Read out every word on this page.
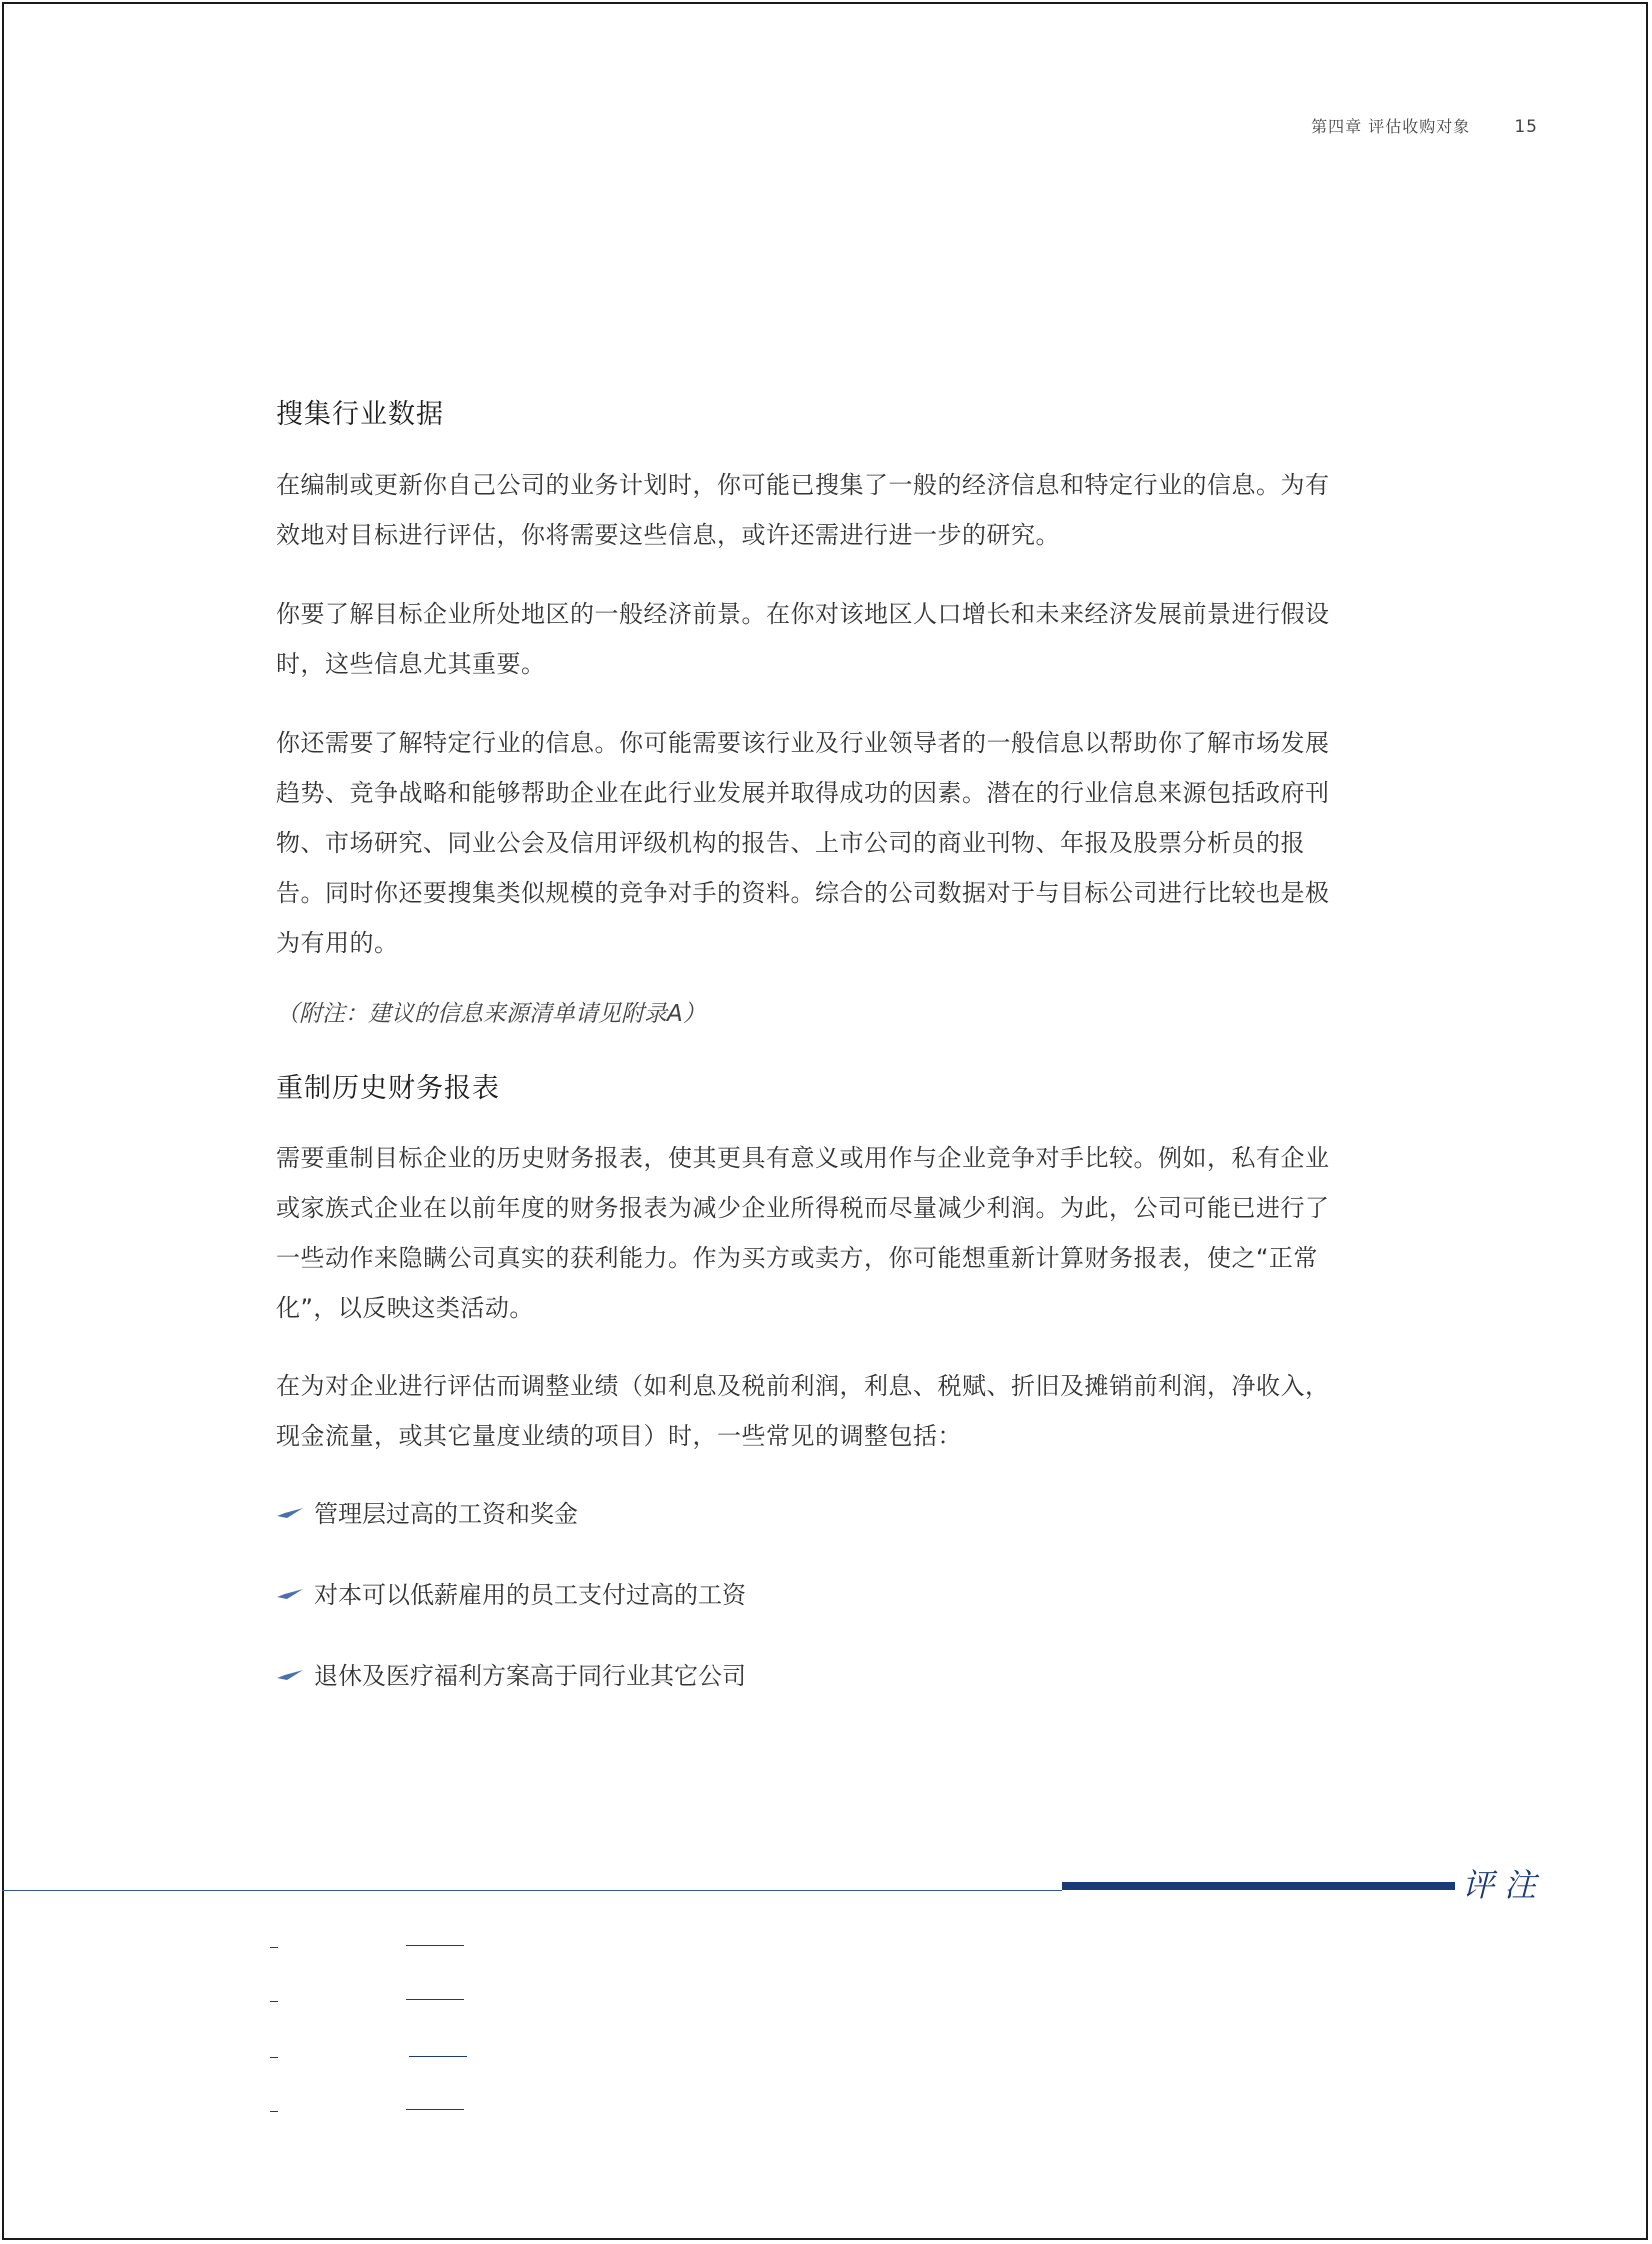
第四章 评估收购对象	15
搜集行业数据

在编制或更新你自己公司的业务计划时，你可能已搜集了一般的经济信息和特定行业的信息。为有效地对目标进行评估，你将需要这些信息，或许还需进行进一步的研究。

你要了解目标企业所处地区的一般经济前景。在你对该地区人口增长和未来经济发展前景进行假设时，这些信息尤其重要。

你还需要了解特定行业的信息。你可能需要该行业及行业领导者的一般信息以帮助你了解市场发展趋势、竞争战略和能够帮助企业在此行业发展并取得成功的因素。潜在的行业信息来源包括政府刊物、市场研究、同业公会及信用评级机构的报告、上市公司的商业刊物、年报及股票分析员的报告。同时你还要搜集类似规模的竞争对手的资料。综合的公司数据对于与目标公司进行比较也是极为有用的。

（附注：建议的信息来源清单请见附录A）

重制历史财务报表

需要重制目标企业的历史财务报表，使其更具有意义或用作与企业竞争对手比较。例如，私有企业或家族式企业在以前年度的财务报表为减少企业所得税而尽量减少利润。为此，公司可能已进行了一些动作来隐瞒公司真实的获利能力。作为买方或卖方，你可能想重新计算财务报表，使之“正常化”，以反映这类活动。

在为对企业进行评估而调整业绩（如利息及税前利润，利息、税赋、折旧及摊销前利润，净收入，现金流量，或其它量度业绩的项目）时，一些常见的调整包括：

管理层过高的工资和奖金
对本可以低薪雇用的员工支付过高的工资
退休及医疗福利方案高于同行业其它公司
评注
